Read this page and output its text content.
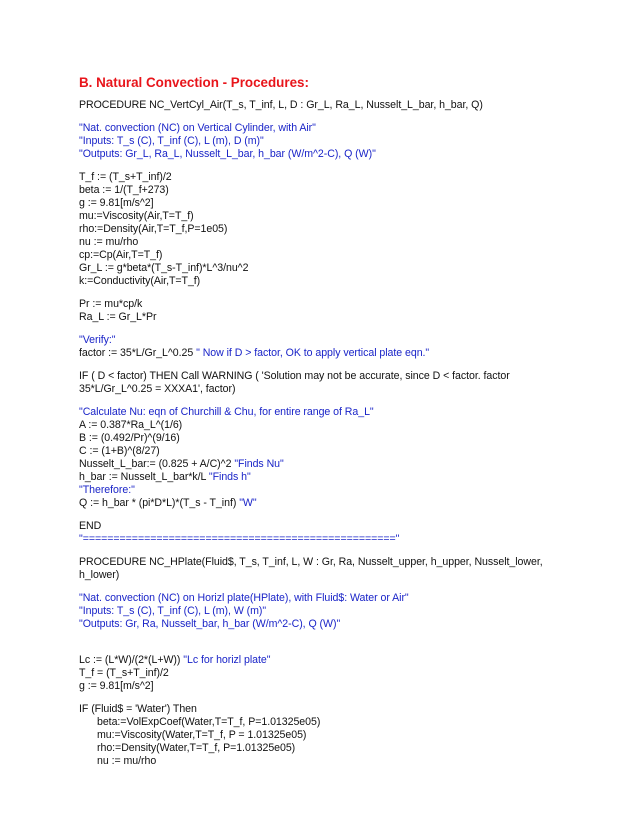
B. Natural Convection - Procedures:
PROCEDURE NC_VertCyl_Air(T_s, T_inf, L, D : Gr_L, Ra_L, Nusselt_L_bar, h_bar, Q)
"Nat. convection (NC) on Vertical Cylinder, with Air"
"Inputs: T_s (C), T_inf (C), L (m), D (m)"
"Outputs: Gr_L, Ra_L, Nusselt_L_bar, h_bar (W/m^2-C), Q (W)"
T_f := (T_s+T_inf)/2
beta := 1/(T_f+273)
g := 9.81[m/s^2]
mu:=Viscosity(Air,T=T_f)
rho:=Density(Air,T=T_f,P=1e05)
nu := mu/rho
cp:=Cp(Air,T=T_f)
Gr_L := g*beta*(T_s-T_inf)*L^3/nu^2
k:=Conductivity(Air,T=T_f)
Pr := mu*cp/k
Ra_L := Gr_L*Pr
"Verify:"
factor := 35*L/Gr_L^0.25 " Now if D > factor, OK to apply vertical plate eqn."
IF ( D < factor) THEN Call WARNING ( 'Solution may not be accurate, since D < factor. factor
35*L/Gr_L^0.25 = XXXA1', factor)
"Calculate Nu: eqn of Churchill & Chu, for entire range of Ra_L"
A := 0.387*Ra_L^(1/6)
B := (0.492/Pr)^(9/16)
C := (1+B)^(8/27)
Nusselt_L_bar:= (0.825 + A/C)^2 "Finds Nu"
h_bar := Nusselt_L_bar*k/L "Finds h"
"Therefore:"
Q := h_bar * (pi*D*L)*(T_s - T_inf) "W"
END
"==================================================="
PROCEDURE NC_HPlate(Fluid$, T_s, T_inf, L, W : Gr, Ra, Nusselt_upper, h_upper, Nusselt_lower,
h_lower)
"Nat. convection (NC) on Horizl plate(HPlate), with Fluid$: Water or Air"
"Inputs: T_s (C), T_inf (C), L (m), W (m)"
"Outputs: Gr, Ra, Nusselt_bar, h_bar (W/m^2-C), Q (W)"
Lc := (L*W)/(2*(L+W)) "Lc for horizl plate"
T_f = (T_s+T_inf)/2
g := 9.81[m/s^2]
IF (Fluid$ = 'Water') Then
beta:=VolExpCoef(Water,T=T_f, P=1.01325e05)
mu:=Viscosity(Water,T=T_f, P = 1.01325e05)
rho:=Density(Water,T=T_f, P=1.01325e05)
nu := mu/rho
